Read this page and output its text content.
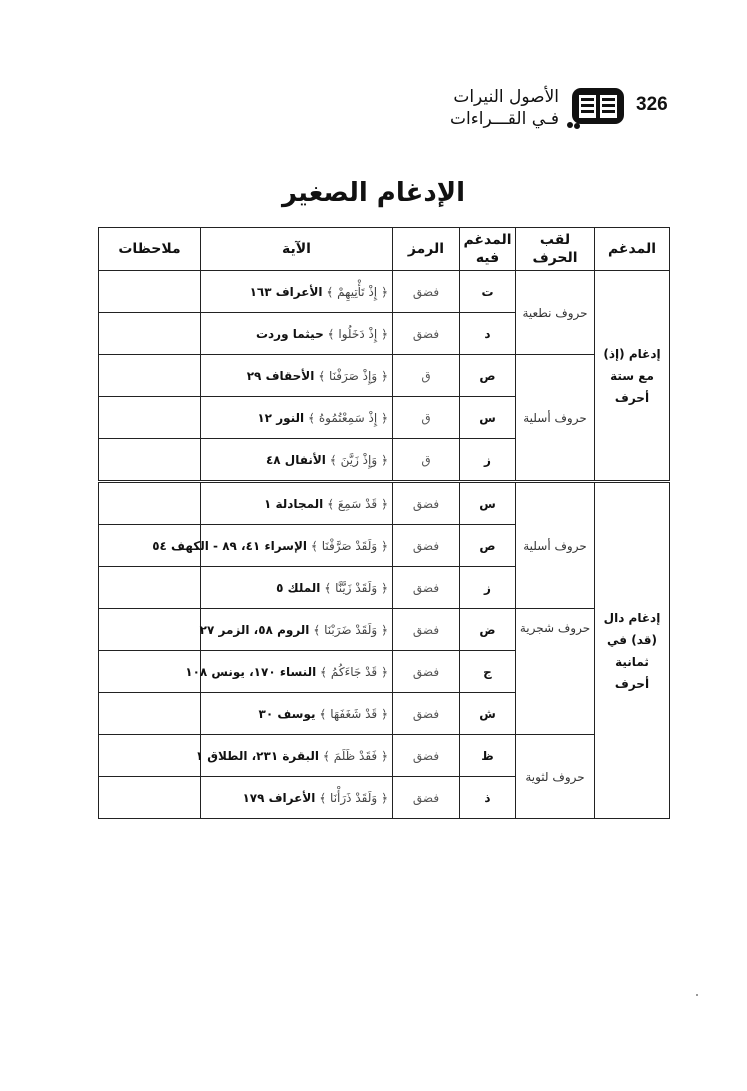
326
الأصول النيرات
فـي القـــراءات
الإدغام الصغير
المدغم	لقب الحرف	المدغم فيه	الرمز	الآية	ملاحظات
إدغام (إذ) مع ستة أحرف	حروف نطعية	ت	فضق	﴿ إِذْ تَأْتِيهِمْ ﴾ الأعراف ١٦٣	
		د	فضق	﴿ إِذْ دَخَلُوا ﴾ حيثما وردت	
	حروف أسلية	ص	ق	﴿ وَإِذْ صَرَفْنَا ﴾ الأحقاف ٢٩	
		س	ق	﴿ إِذْ سَمِعْتُمُوهُ ﴾ النور ١٢	
		ز	ق	﴿ وَإِذْ زَيَّنَ ﴾ الأنفال ٤٨	
إدغام دال (قد) في ثمانية أحرف	حروف أسلية	س	فضق	﴿ قَدْ سَمِعَ ﴾ المجادلة ١	
		ص	فضق	﴿ وَلَقَدْ صَرَّفْنَا ﴾ الإسراء ٤١، ٨٩ - الكهف ٥٤	
		ز	فضق	﴿ وَلَقَدْ زَيَّنَّا ﴾ الملك ٥	
	حروف شجرية	ض	فضق	﴿ وَلَقَدْ ضَرَبْنَا ﴾ الروم ٥٨، الزمر ٢٧	
		ج	فضق	﴿ قَدْ جَاءَكُمُ ﴾ النساء ١٧٠، يونس ١٠٨	
		ش	فضق	﴿ قَدْ شَغَفَهَا ﴾ يوسف ٣٠	
	حروف لثوية	ظ	فضق	﴿ فَقَدْ ظَلَمَ ﴾ البقرة ٢٣١، الطلاق ١	
		ذ	فضق	﴿ وَلَقَدْ ذَرَأْنَا ﴾ الأعراف ١٧٩	
